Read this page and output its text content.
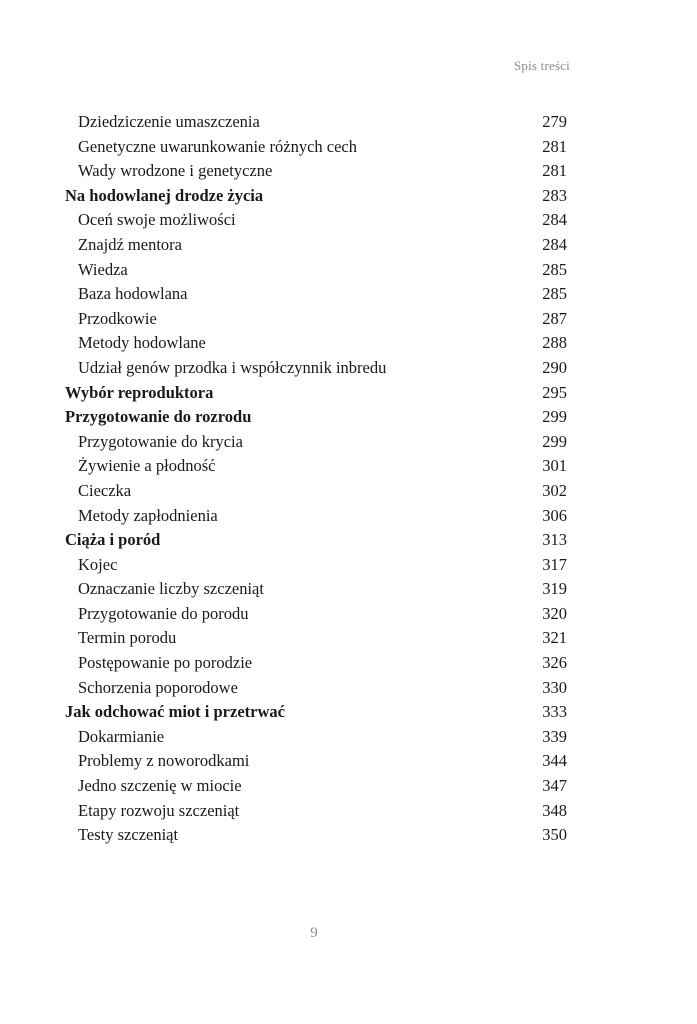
Spis treści
Dziedziczenie umaszczenia	279
Genetyczne uwarunkowanie różnych cech	281
Wady wrodzone i genetyczne	281
Na hodowlanej drodze życia	283
Oceń swoje możliwości	284
Znajdź mentora	284
Wiedza	285
Baza hodowlana	285
Przodkowie	287
Metody hodowlane	288
Udział genów przodka i współczynnik inbredu	290
Wybór reproduktora	295
Przygotowanie do rozrodu	299
Przygotowanie do krycia	299
Żywienie a płodność	301
Cieczka	302
Metody zapłodnienia	306
Ciąża i poród	313
Kojec	317
Oznaczanie liczby szczeniąt	319
Przygotowanie do porodu	320
Termin porodu	321
Postępowanie po porodzie	326
Schorzenia poporodowe	330
Jak odchować miot i przetrwać	333
Dokarmianie	339
Problemy z noworodkami	344
Jedno szczenię w miocie	347
Etapy rozwoju szczeniąt	348
Testy szczeniąt	350
9
